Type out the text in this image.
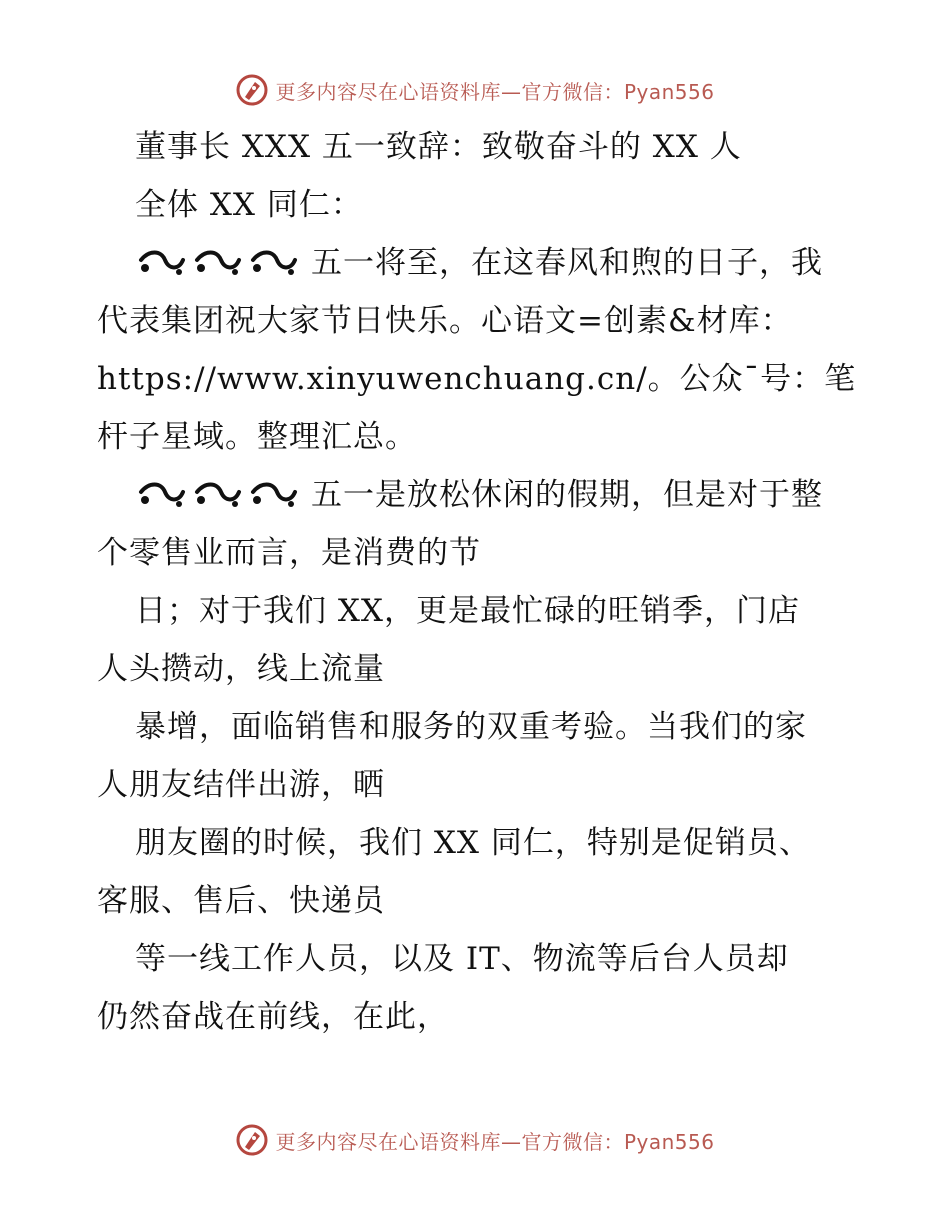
更多内容尽在心语资料库—官方微信：Pyan556
董事长 XXX 五一致辞：致敬奋斗的 XX 人
全体 XX 同仁：
五一将至，在这春风和煦的日子，我
代表集团祝大家节日快乐。心语文=创素&材库：
https://www.xinyuwenchuang.cn/。公众¯号：笔
杆子星域。整理汇总。
五一是放松休闲的假期，但是对于整
个零售业而言，是消费的节
日；对于我们 XX，更是最忙碌的旺销季，门店
人头攒动，线上流量
暴增，面临销售和服务的双重考验。当我们的家
人朋友结伴出游，晒
朋友圈的时候，我们 XX 同仁，特别是促销员、
客服、售后、快递员
等一线工作人员，以及 IT、物流等后台人员却
仍然奋战在前线，在此，
更多内容尽在心语资料库—官方微信：Pyan556
